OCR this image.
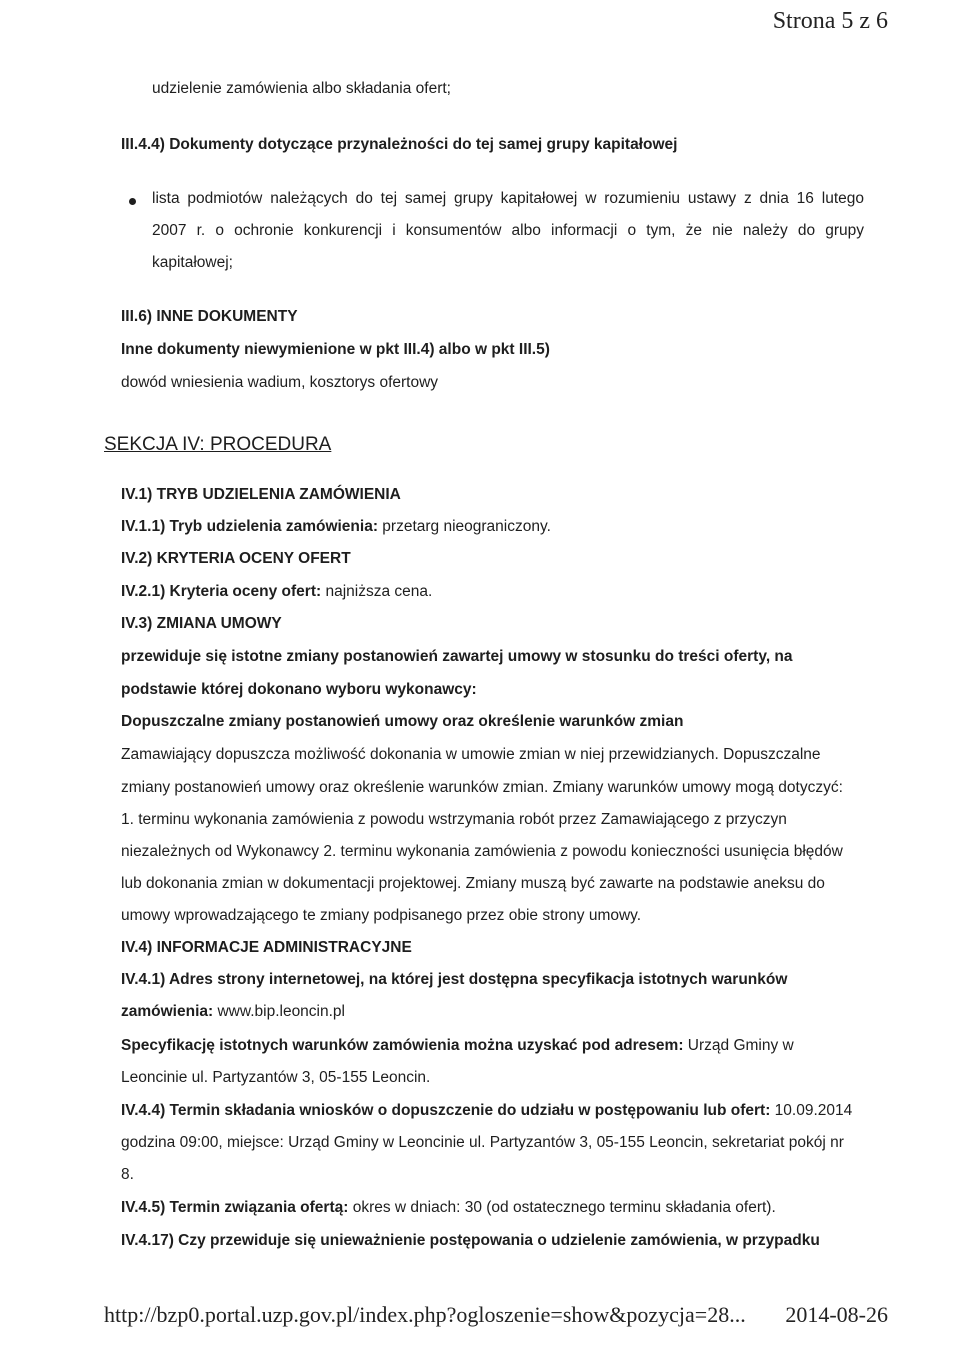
Strona 5 z 6
udzielenie zamówienia albo składania ofert;
III.4.4) Dokumenty dotyczące przynależności do tej samej grupy kapitałowej
lista podmiotów należących do tej samej grupy kapitałowej w rozumieniu ustawy z dnia 16 lutego
2007 r. o ochronie konkurencji i konsumentów albo informacji o tym, że nie należy do grupy
kapitałowej;
III.6) INNE DOKUMENTY
Inne dokumenty niewymienione w pkt III.4) albo w pkt III.5)
dowód wniesienia wadium, kosztorys ofertowy
SEKCJA IV: PROCEDURA
IV.1) TRYB UDZIELENIA ZAMÓWIENIA
IV.1.1) Tryb udzielenia zamówienia: przetarg nieograniczony.
IV.2) KRYTERIA OCENY OFERT
IV.2.1) Kryteria oceny ofert: najniższa cena.
IV.3) ZMIANA UMOWY
przewiduje się istotne zmiany postanowień zawartej umowy w stosunku do treści oferty, na
podstawie której dokonano wyboru wykonawcy:
Dopuszczalne zmiany postanowień umowy oraz określenie warunków zmian
Zamawiający dopuszcza możliwość dokonania w umowie zmian w niej przewidzianych. Dopuszczalne
zmiany postanowień umowy oraz określenie warunków zmian. Zmiany warunków umowy mogą dotyczyć:
1. terminu wykonania zamówienia z powodu wstrzymania robót przez Zamawiającego z przyczyn
niezależnych od Wykonawcy 2. terminu wykonania zamówienia z powodu konieczności usunięcia błędów
lub dokonania zmian w dokumentacji projektowej. Zmiany muszą być zawarte na podstawie aneksu do
umowy wprowadzającego te zmiany podpisanego przez obie strony umowy.
IV.4) INFORMACJE ADMINISTRACYJNE
IV.4.1) Adres strony internetowej, na której jest dostępna specyfikacja istotnych warunków
zamówienia: www.bip.leoncin.pl
Specyfikację istotnych warunków zamówienia można uzyskać pod adresem: Urząd Gminy w
Leoncinie ul. Partyzantów 3, 05-155 Leoncin.
IV.4.4) Termin składania wniosków o dopuszczenie do udziału w postępowaniu lub ofert: 10.09.2014
godzina 09:00, miejsce: Urząd Gminy w Leoncinie ul. Partyzantów 3, 05-155 Leoncin, sekretariat pokój nr
8.
IV.4.5) Termin związania ofertą: okres w dniach: 30 (od ostatecznego terminu składania ofert).
IV.4.17) Czy przewiduje się unieważnienie postępowania o udzielenie zamówienia, w przypadku
http://bzp0.portal.uzp.gov.pl/index.php?ogloszenie=show&pozycja=28... 2014-08-26
